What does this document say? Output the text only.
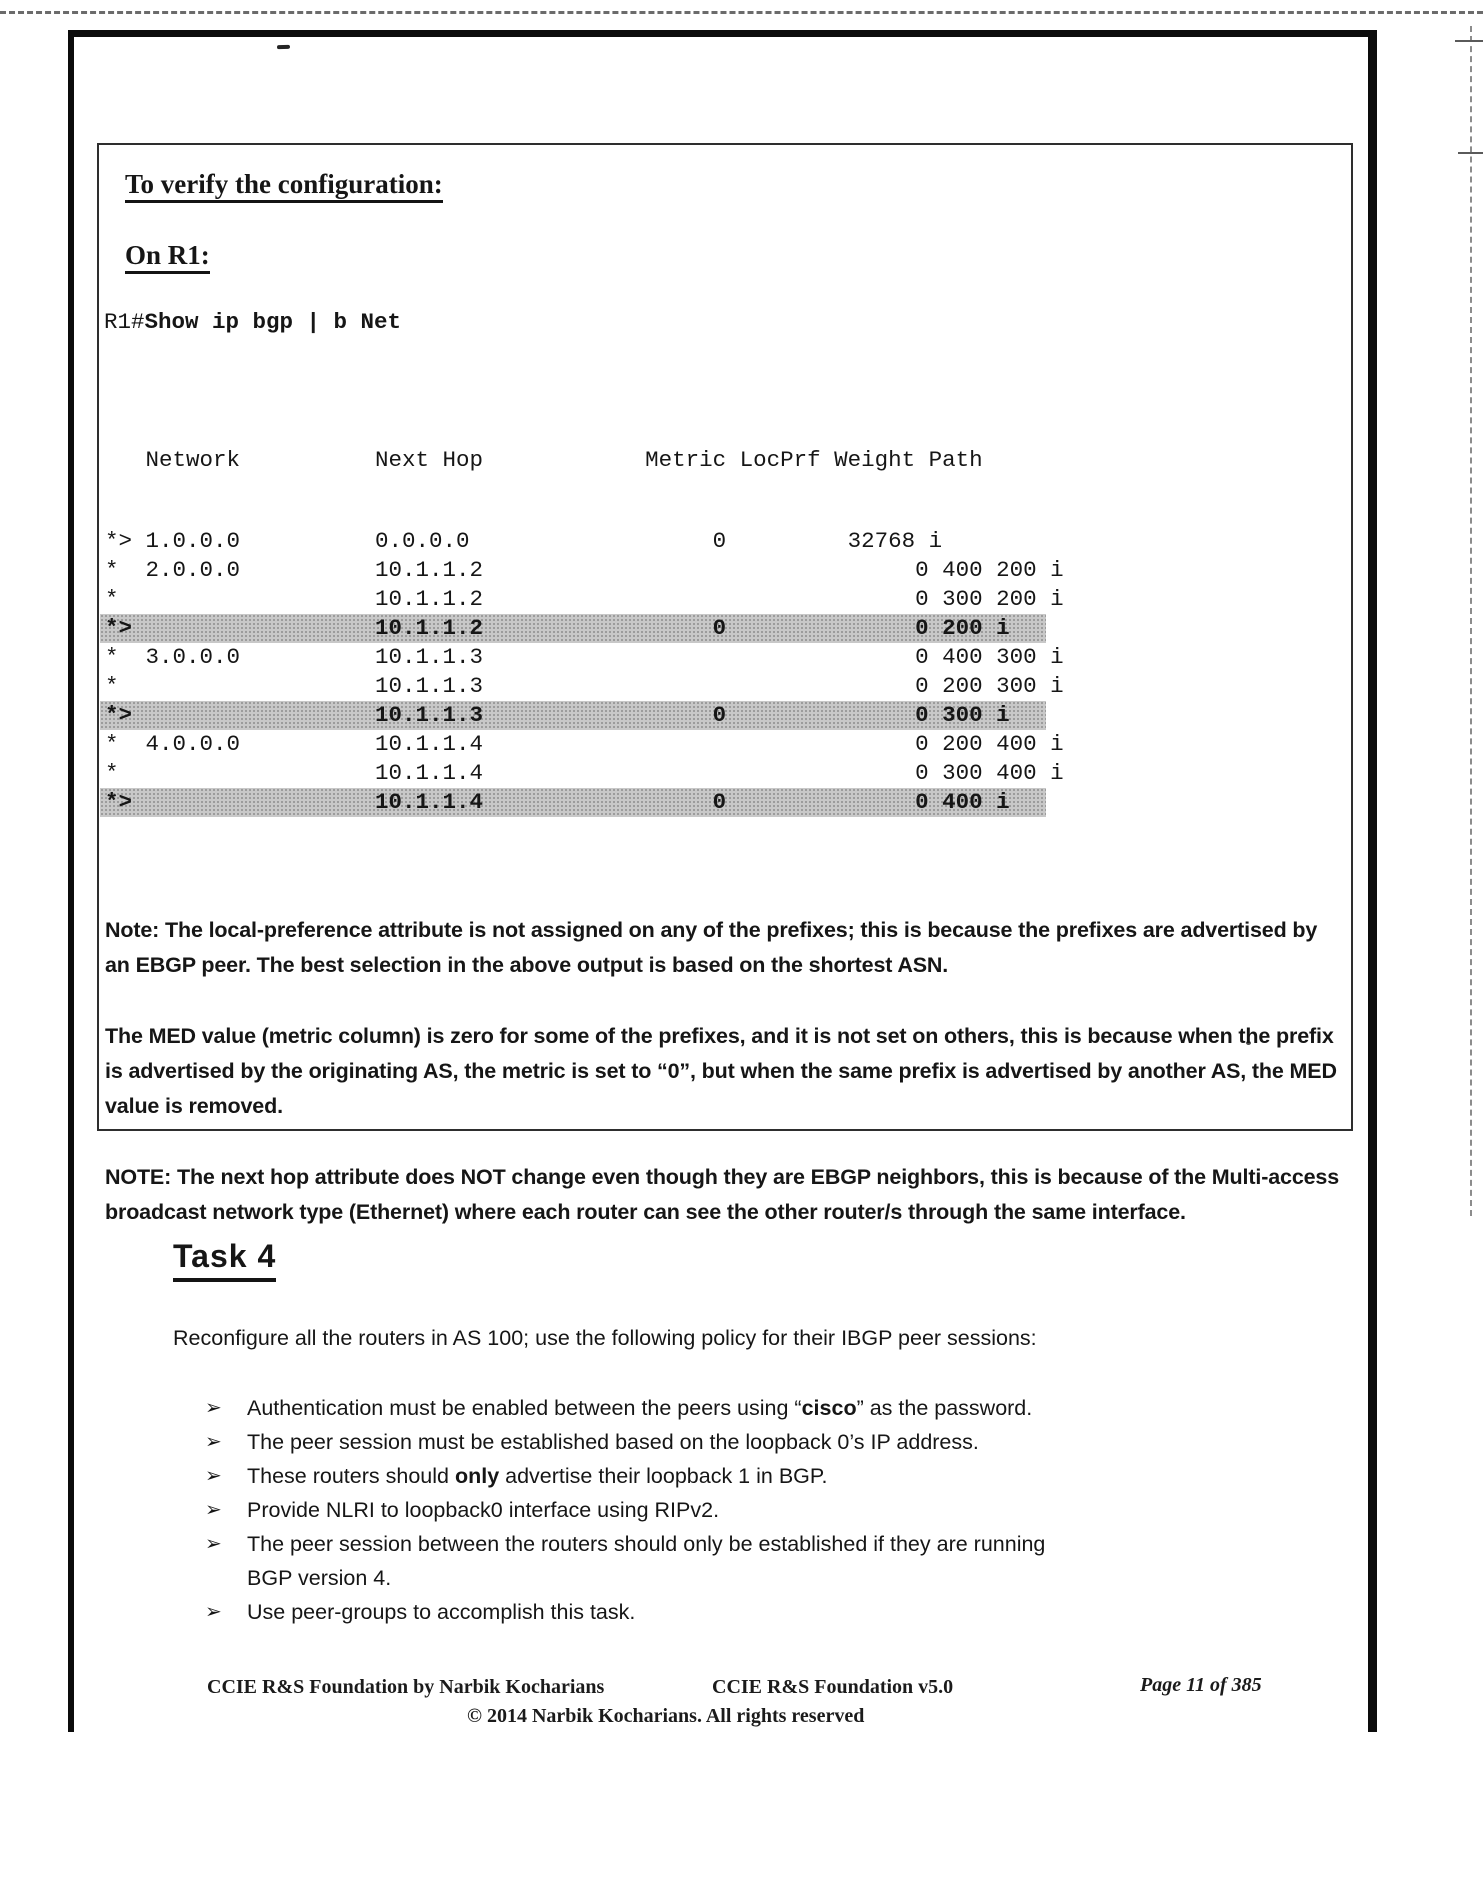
To verify the configuration:
On R1:
R1#Show ip bgp | b Net

Network          Next Hop            Metric LocPrf Weight Path

*> 1.0.0.0          0.0.0.0                  0         32768 i
*  2.0.0.0          10.1.1.2                                0 400 200 i
*                   10.1.1.2                                0 300 200 i
*>                  10.1.1.2                 0              0 200 i
*  3.0.0.0          10.1.1.3                                0 400 300 i
*                   10.1.1.3                                0 200 300 i
*>                  10.1.1.3                 0              0 300 i
*  4.0.0.0          10.1.1.4                                0 200 400 i
*                   10.1.1.4                                0 300 400 i
*>                  10.1.1.4                 0              0 400 i

Note: The local-preference attribute is not assigned on any of the prefixes; this is because the prefixes are advertised by an EBGP peer. The best selection in the above output is based on the shortest ASN.

The MED value (metric column) is zero for some of the prefixes, and it is not set on others, this is because when the prefix is advertised by the originating AS, the metric is set to “0”, but when the same prefix is advertised by another AS, the MED value is removed.

NOTE: The next hop attribute does NOT change even though they are EBGP neighbors, this is because of the Multi-access broadcast network type (Ethernet) where each router can see the other router/s through the same interface.

Task 4
Reconfigure all the routers in AS 100; use the following policy for their IBGP peer sessions:
➢ Authentication must be enabled between the peers using “cisco” as the password.
➢ The peer session must be established based on the loopback 0’s IP address.
➢ These routers should only advertise their loopback 1 in BGP.
➢ Provide NLRI to loopback0 interface using RIPv2.
➢ The peer session between the routers should only be established if they are running
BGP version 4.
➢ Use peer-groups to accomplish this task.
CCIE R&S Foundation by Narbik Kocharians	CCIE R&S Foundation v5.0	Page 11 of 385
© 2014 Narbik Kocharians. All rights reserved
